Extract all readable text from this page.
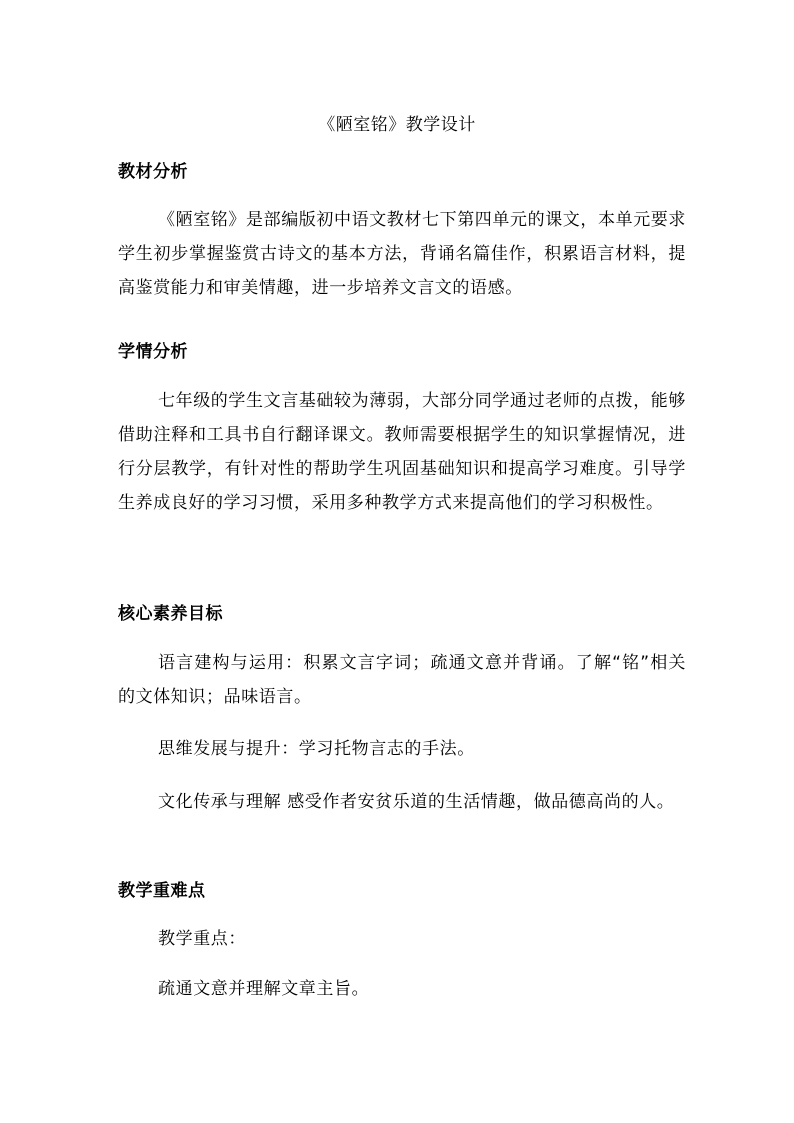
《陋室铭》教学设计
教材分析

《陋室铭》是部编版初中语文教材七下第四单元的课文，本单元要求学生初步掌握鉴赏古诗文的基本方法，背诵名篇佳作，积累语言材料，提高鉴赏能力和审美情趣，进一步培养文言文的语感。

学情分析

七年级的学生文言基础较为薄弱，大部分同学通过老师的点拨，能够借助注释和工具书自行翻译课文。教师需要根据学生的知识掌握情况，进行分层教学，有针对性的帮助学生巩固基础知识和提高学习难度。引导学生养成良好的学习习惯，采用多种教学方式来提高他们的学习积极性。

核心素养目标

语言建构与运用：积累文言字词；疏通文意并背诵。了解“铭”相关的文体知识；品味语言。

思维发展与提升：学习托物言志的手法。

文化传承与理解 感受作者安贫乐道的生活情趣，做品德高尚的人。

教学重难点

教学重点：

疏通文意并理解文章主旨。
